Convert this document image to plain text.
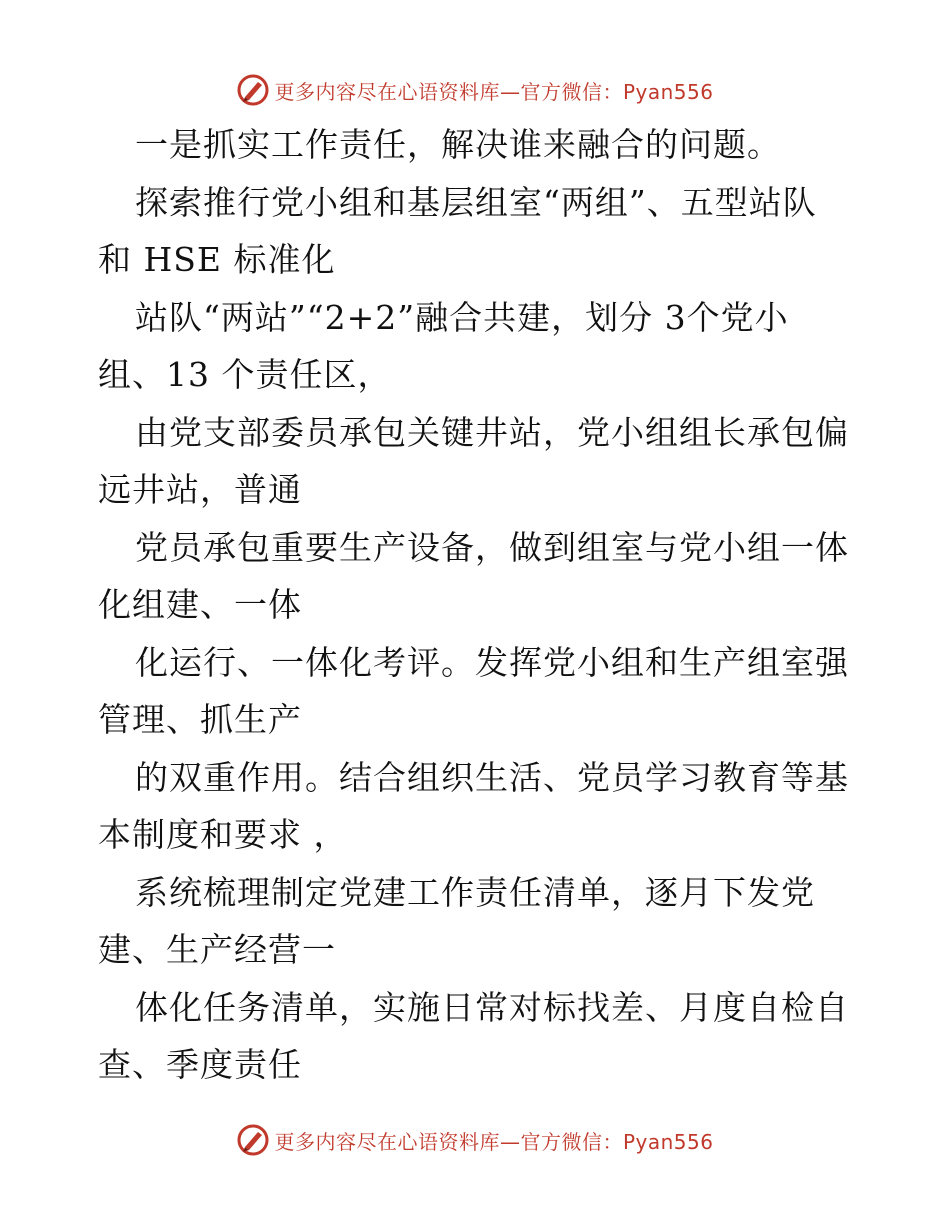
更多内容尽在心语资料库—官方微信：Pyan556
一是抓实工作责任，解决谁来融合的问题。
探索推行党小组和基层组室“两组”、五型站队
和 HSE 标准化
站队“两站”“2+2”融合共建，划分 3个党小
组、13 个责任区，
由党支部委员承包关键井站，党小组组长承包偏
远井站，普通
党员承包重要生产设备，做到组室与党小组一体
化组建、一体
化运行、一体化考评。发挥党小组和生产组室强
管理、抓生产
的双重作用。结合组织生活、党员学习教育等基
本制度和要求 ，
系统梳理制定党建工作责任清单，逐月下发党
建、生产经营一
体化任务清单，实施日常对标找差、月度自检自
查、季度责任
更多内容尽在心语资料库—官方微信：Pyan556
